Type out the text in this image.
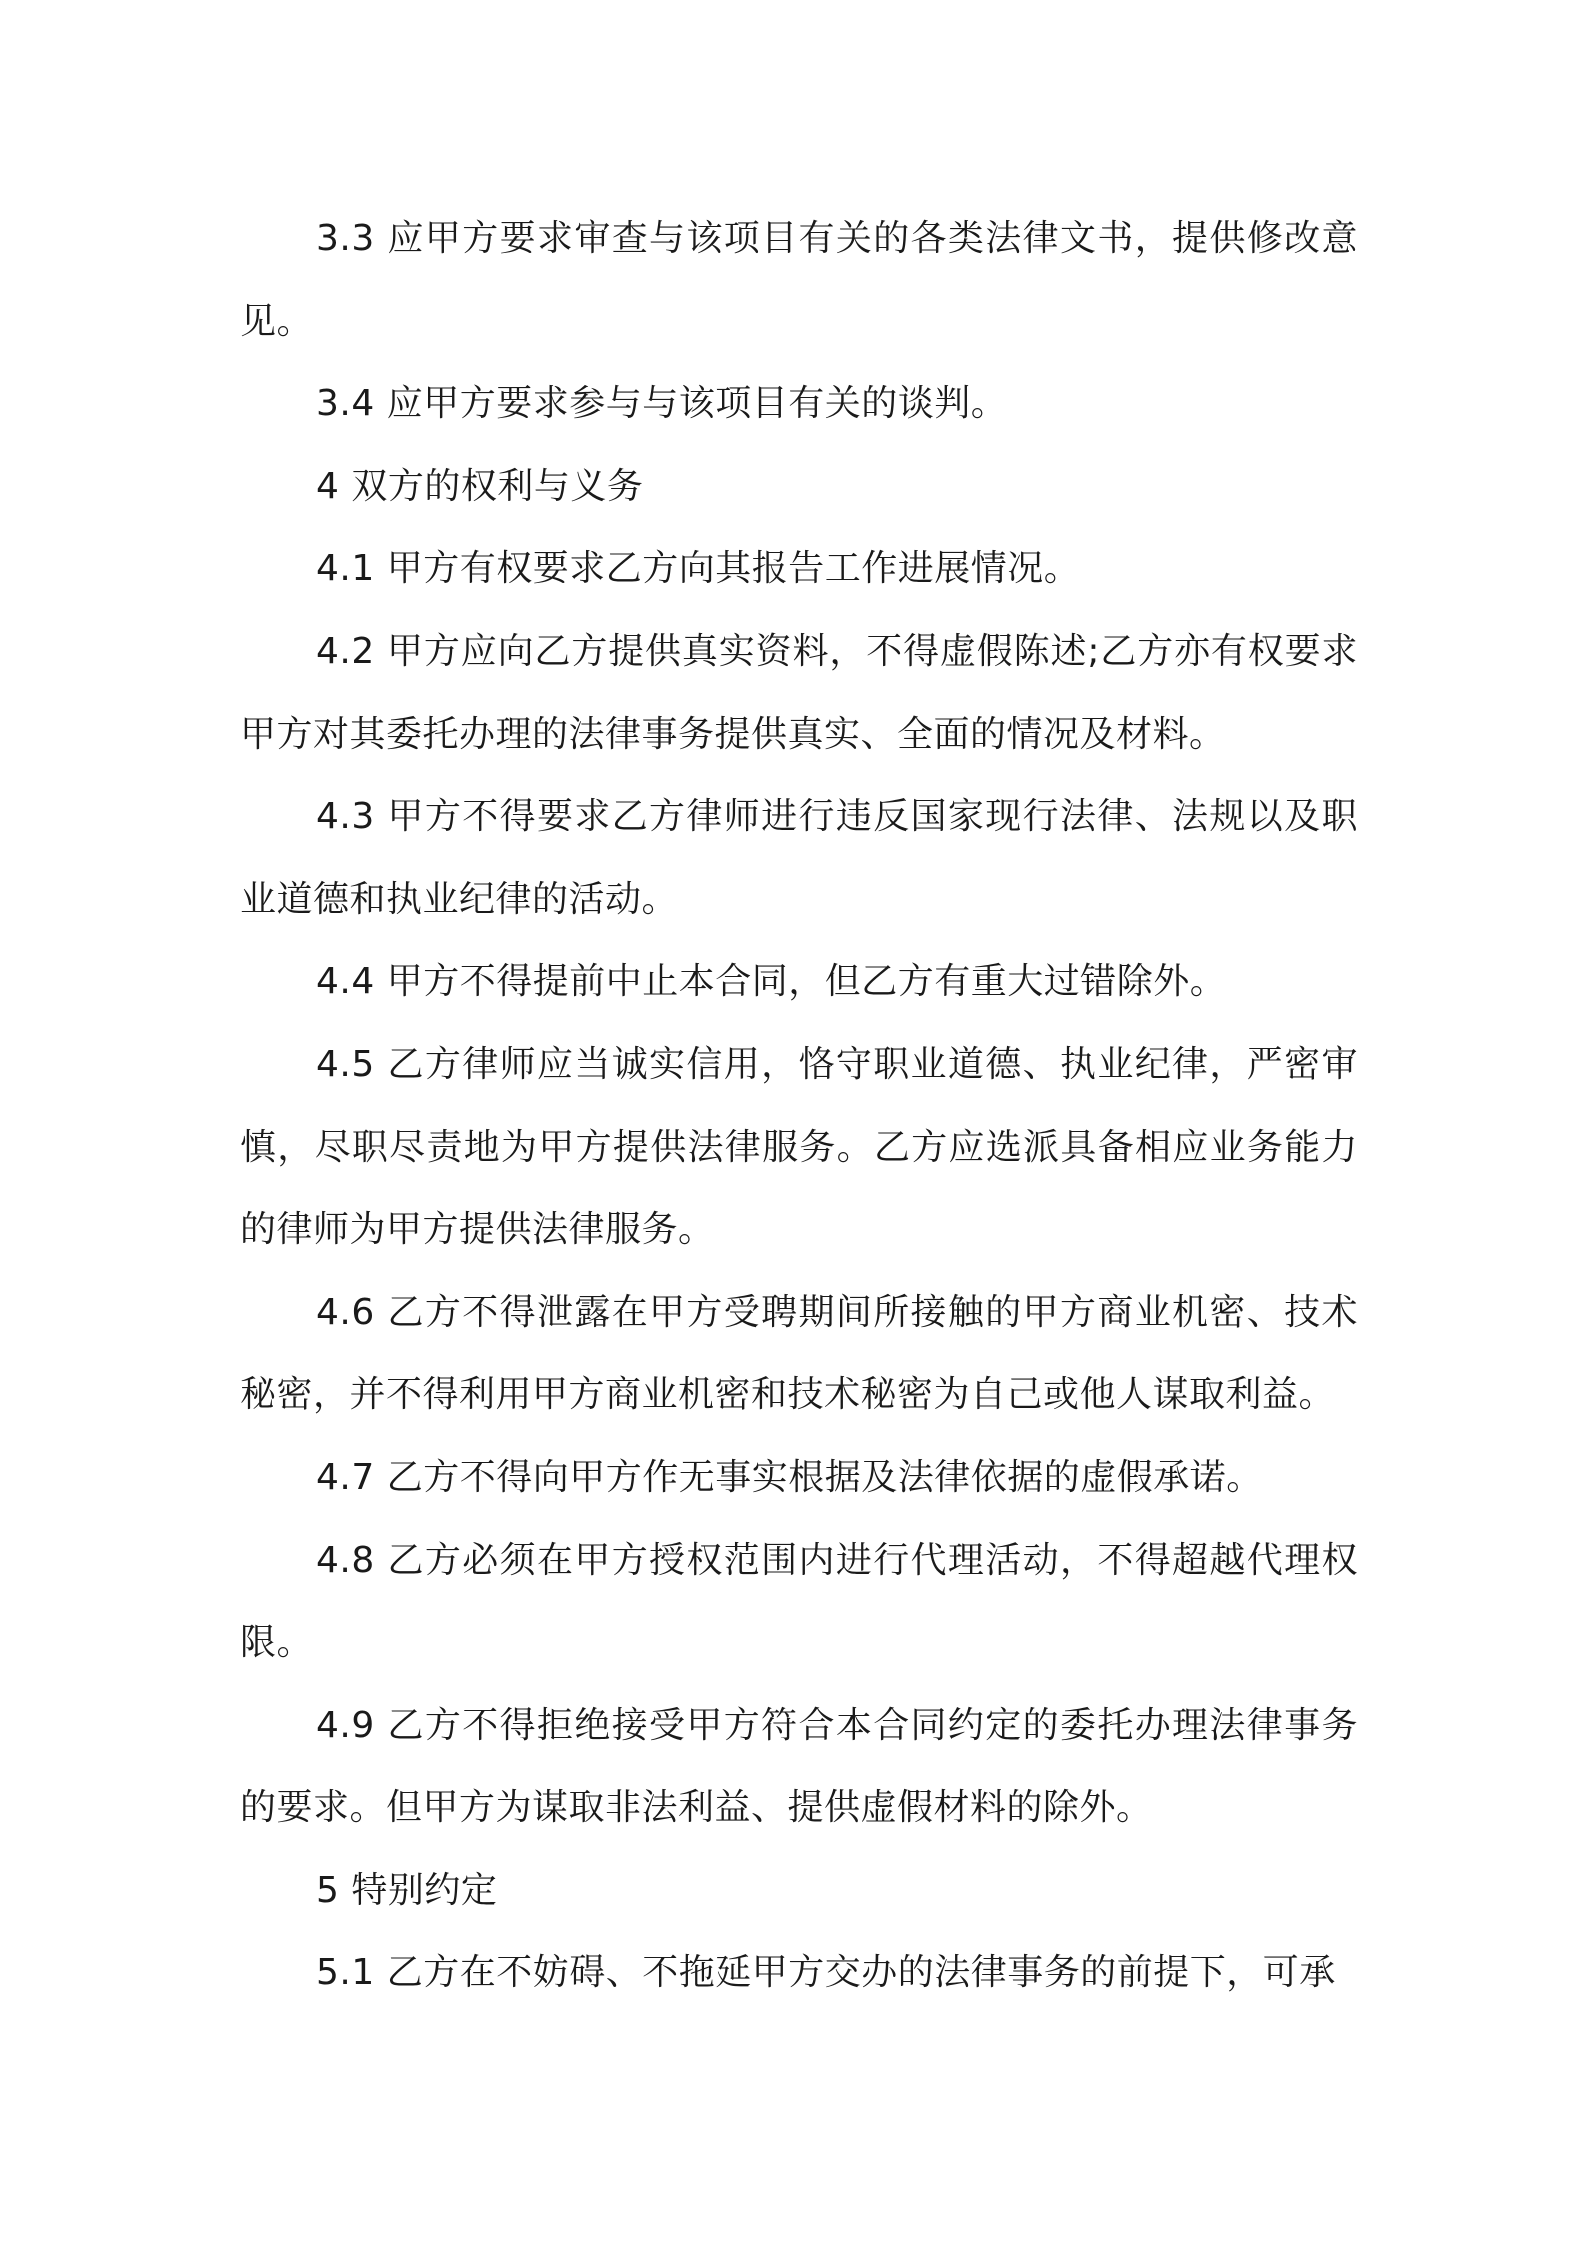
3.3 应甲方要求审查与该项目有关的各类法律文书，提供修改意见。

3.4 应甲方要求参与与该项目有关的谈判。

4 双方的权利与义务

4.1 甲方有权要求乙方向其报告工作进展情况。

4.2 甲方应向乙方提供真实资料，不得虚假陈述;乙方亦有权要求甲方对其委托办理的法律事务提供真实、全面的情况及材料。

4.3 甲方不得要求乙方律师进行违反国家现行法律、法规以及职业道德和执业纪律的活动。

4.4 甲方不得提前中止本合同，但乙方有重大过错除外。

4.5 乙方律师应当诚实信用，恪守职业道德、执业纪律，严密审慎，尽职尽责地为甲方提供法律服务。乙方应选派具备相应业务能力的律师为甲方提供法律服务。

4.6 乙方不得泄露在甲方受聘期间所接触的甲方商业机密、技术秘密，并不得利用甲方商业机密和技术秘密为自己或他人谋取利益。

4.7 乙方不得向甲方作无事实根据及法律依据的虚假承诺。

4.8 乙方必须在甲方授权范围内进行代理活动，不得超越代理权限。

4.9 乙方不得拒绝接受甲方符合本合同约定的委托办理法律事务的要求。但甲方为谋取非法利益、提供虚假材料的除外。

5 特别约定

5.1 乙方在不妨碍、不拖延甲方交办的法律事务的前提下，可承
